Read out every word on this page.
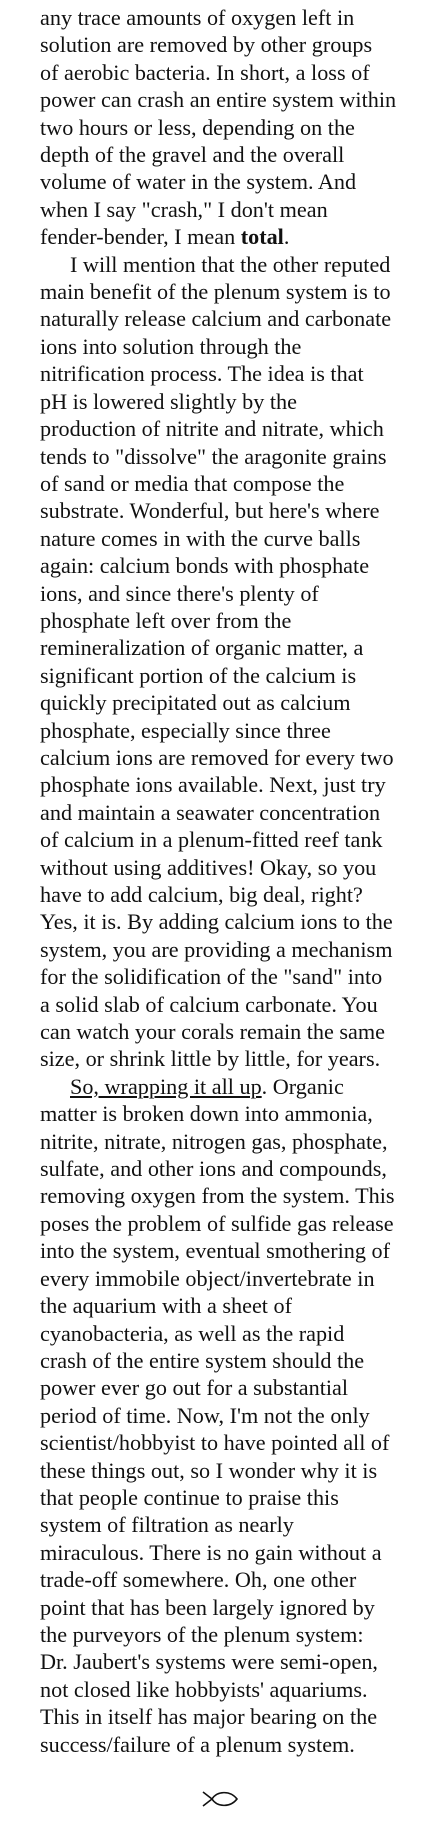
any trace amounts of oxygen left in
solution are removed by other groups
of aerobic bacteria. In short, a loss of
power can crash an entire system within
two hours or less, depending on the
depth of the gravel and the overall
volume of water in the system. And
when I say "crash," I don't mean
fender-bender, I mean total.

I will mention that the other reputed
main benefit of the plenum system is to
naturally release calcium and carbonate
ions into solution through the
nitrification process. The idea is that
pH is lowered slightly by the
production of nitrite and nitrate, which
tends to "dissolve" the aragonite grains
of sand or media that compose the
substrate. Wonderful, but here's where
nature comes in with the curve balls
again: calcium bonds with phosphate
ions, and since there's plenty of
phosphate left over from the
remineralization of organic matter, a
significant portion of the calcium is
quickly precipitated out as calcium
phosphate, especially since three
calcium ions are removed for every two
phosphate ions available. Next, just try
and maintain a seawater concentration
of calcium in a plenum-fitted reef tank
without using additives! Okay, so you
have to add calcium, big deal, right?
Yes, it is. By adding calcium ions to the
system, you are providing a mechanism
for the solidification of the "sand" into
a solid slab of calcium carbonate. You
can watch your corals remain the same
size, or shrink little by little, for years.

So, wrapping it all up. Organic
matter is broken down into ammonia,
nitrite, nitrate, nitrogen gas, phosphate,
sulfate, and other ions and compounds,
removing oxygen from the system. This
poses the problem of sulfide gas release
into the system, eventual smothering of
every immobile object/invertebrate in
the aquarium with a sheet of
cyanobacteria, as well as the rapid
crash of the entire system should the
power ever go out for a substantial
period of time. Now, I'm not the only
scientist/hobbyist to have pointed all of
these things out, so I wonder why it is
that people continue to praise this
system of filtration as nearly
miraculous. There is no gain without a
trade-off somewhere. Oh, one other
point that has been largely ignored by
the purveyors of the plenum system:
Dr. Jaubert's systems were semi-open,
not closed like hobbyists' aquariums.
This in itself has major bearing on the
success/failure of a plenum system.
